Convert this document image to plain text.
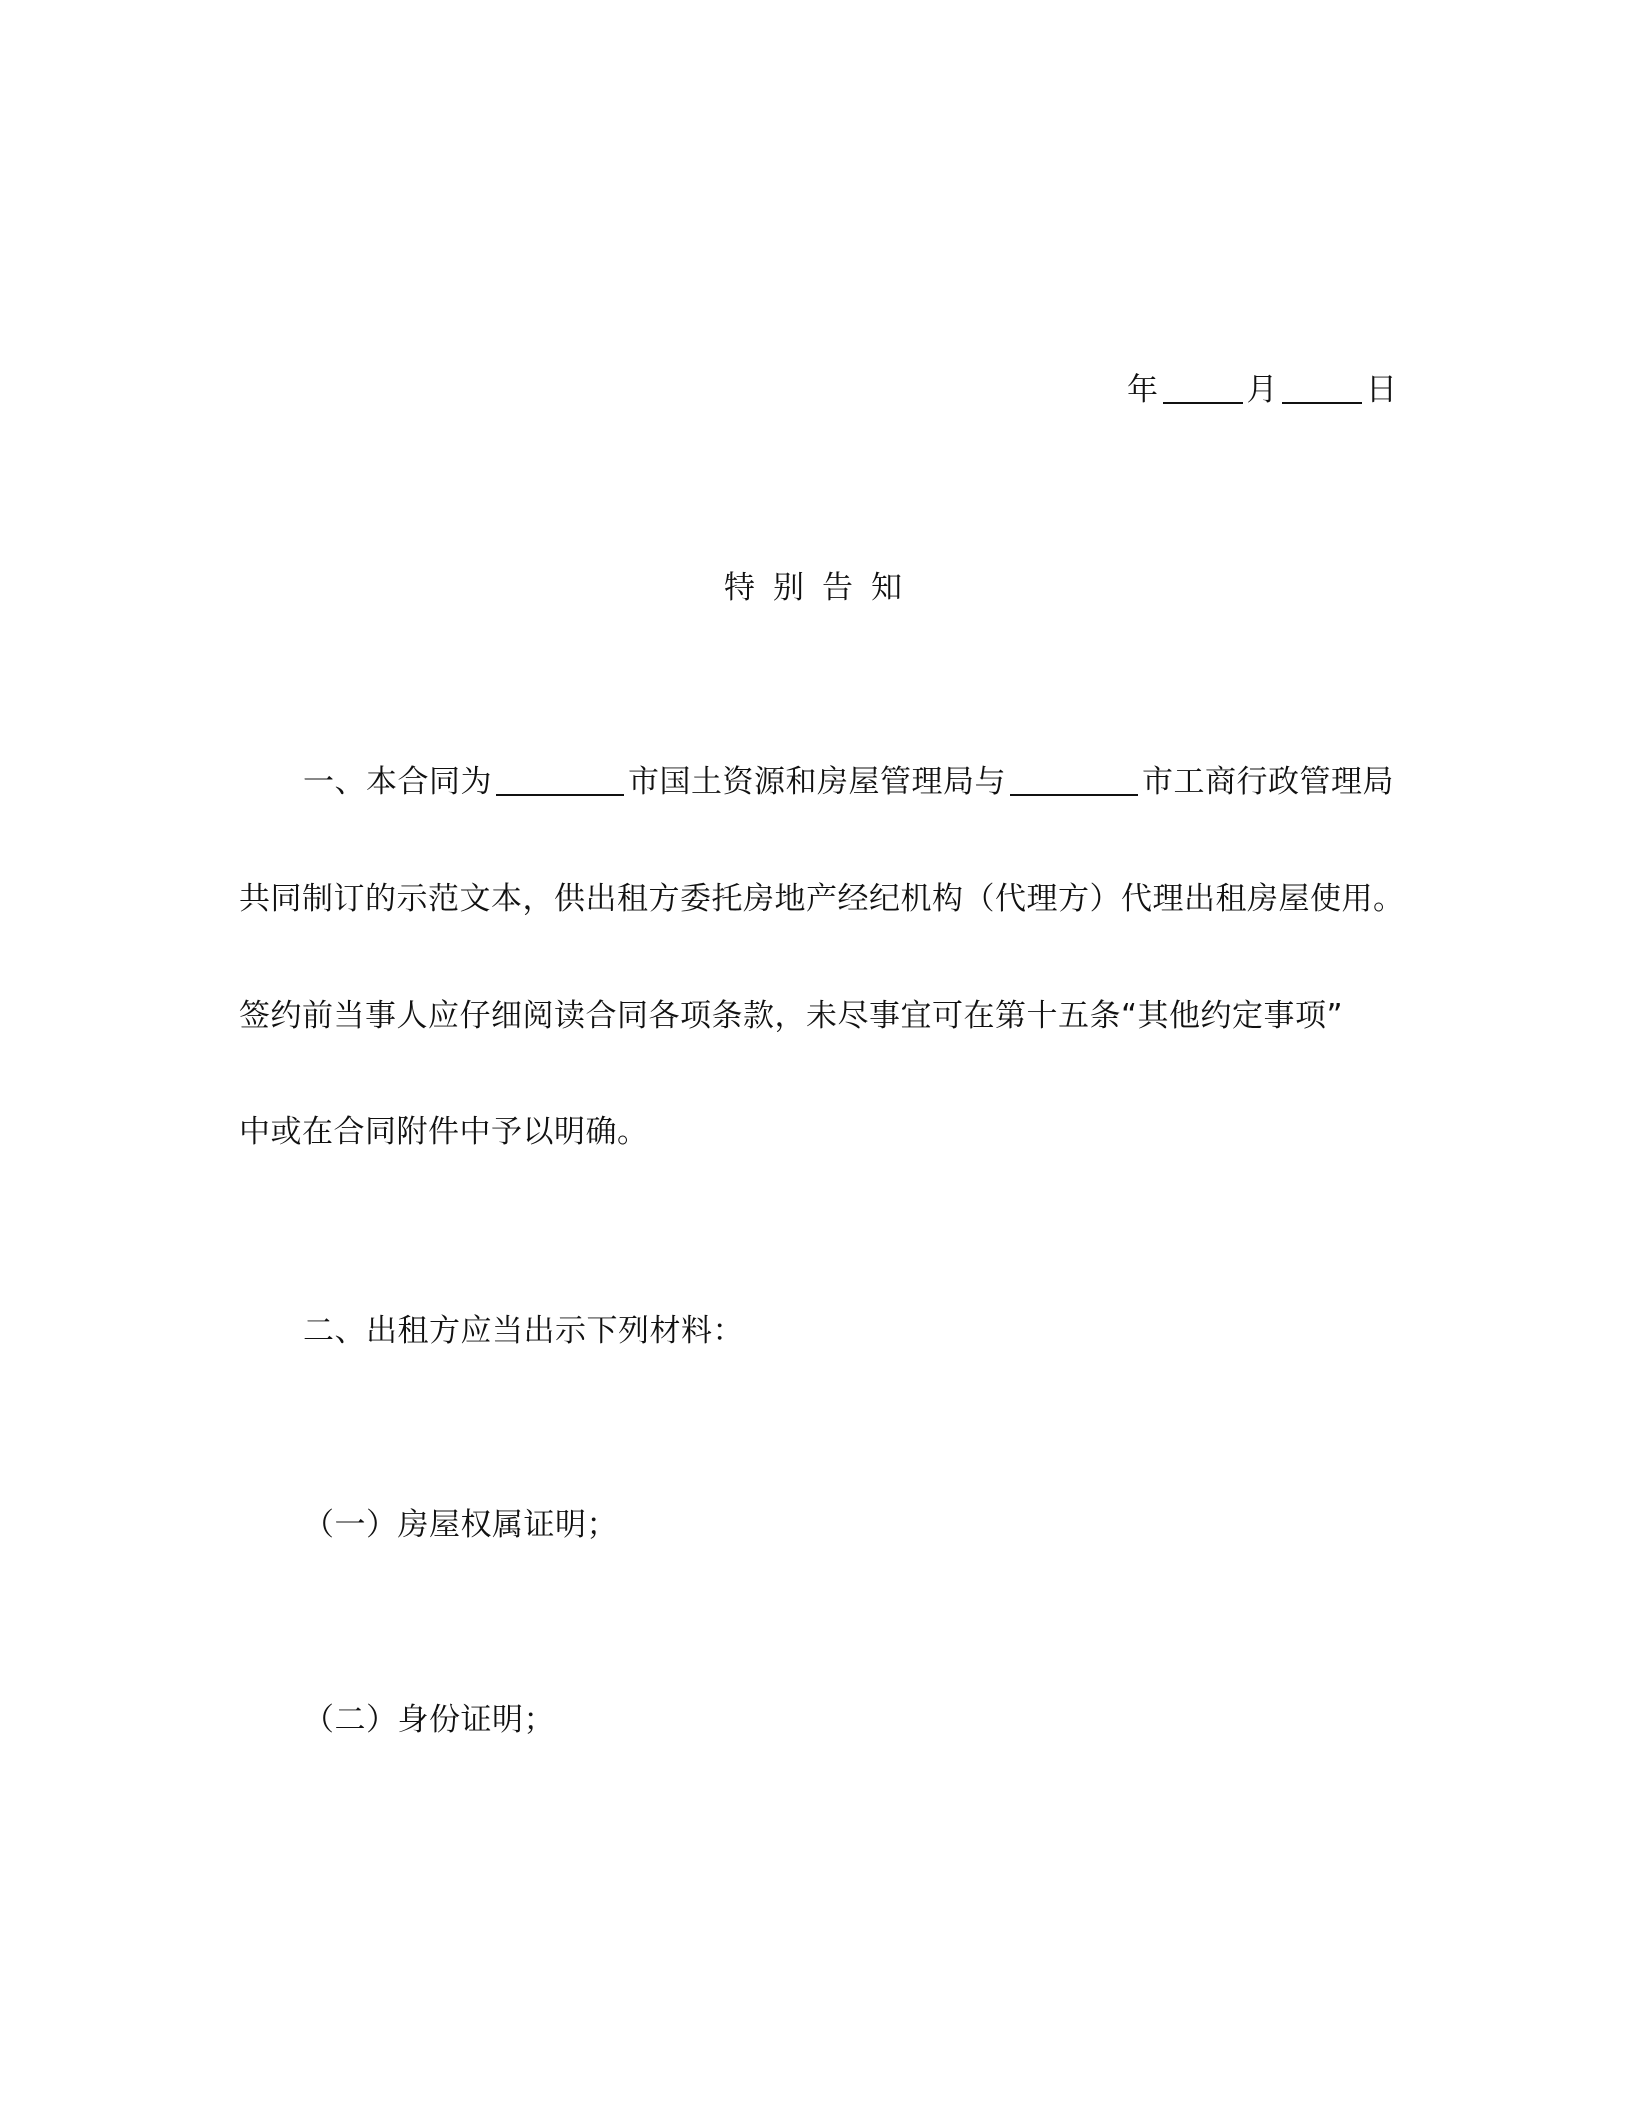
年	月	日
特别告知
一、本合同为	市国土资源和房屋管理局与	市工商行政管理局
共同制订的示范文本，供出租方委托房地产经纪机构（代理方）代理出租房屋使用。
签约前当事人应仔细阅读合同各项条款，未尽事宜可在第十五条“其他约定事项”
中或在合同附件中予以明确。
二、出租方应当出示下列材料：
（一）房屋权属证明；
（二）身份证明；
